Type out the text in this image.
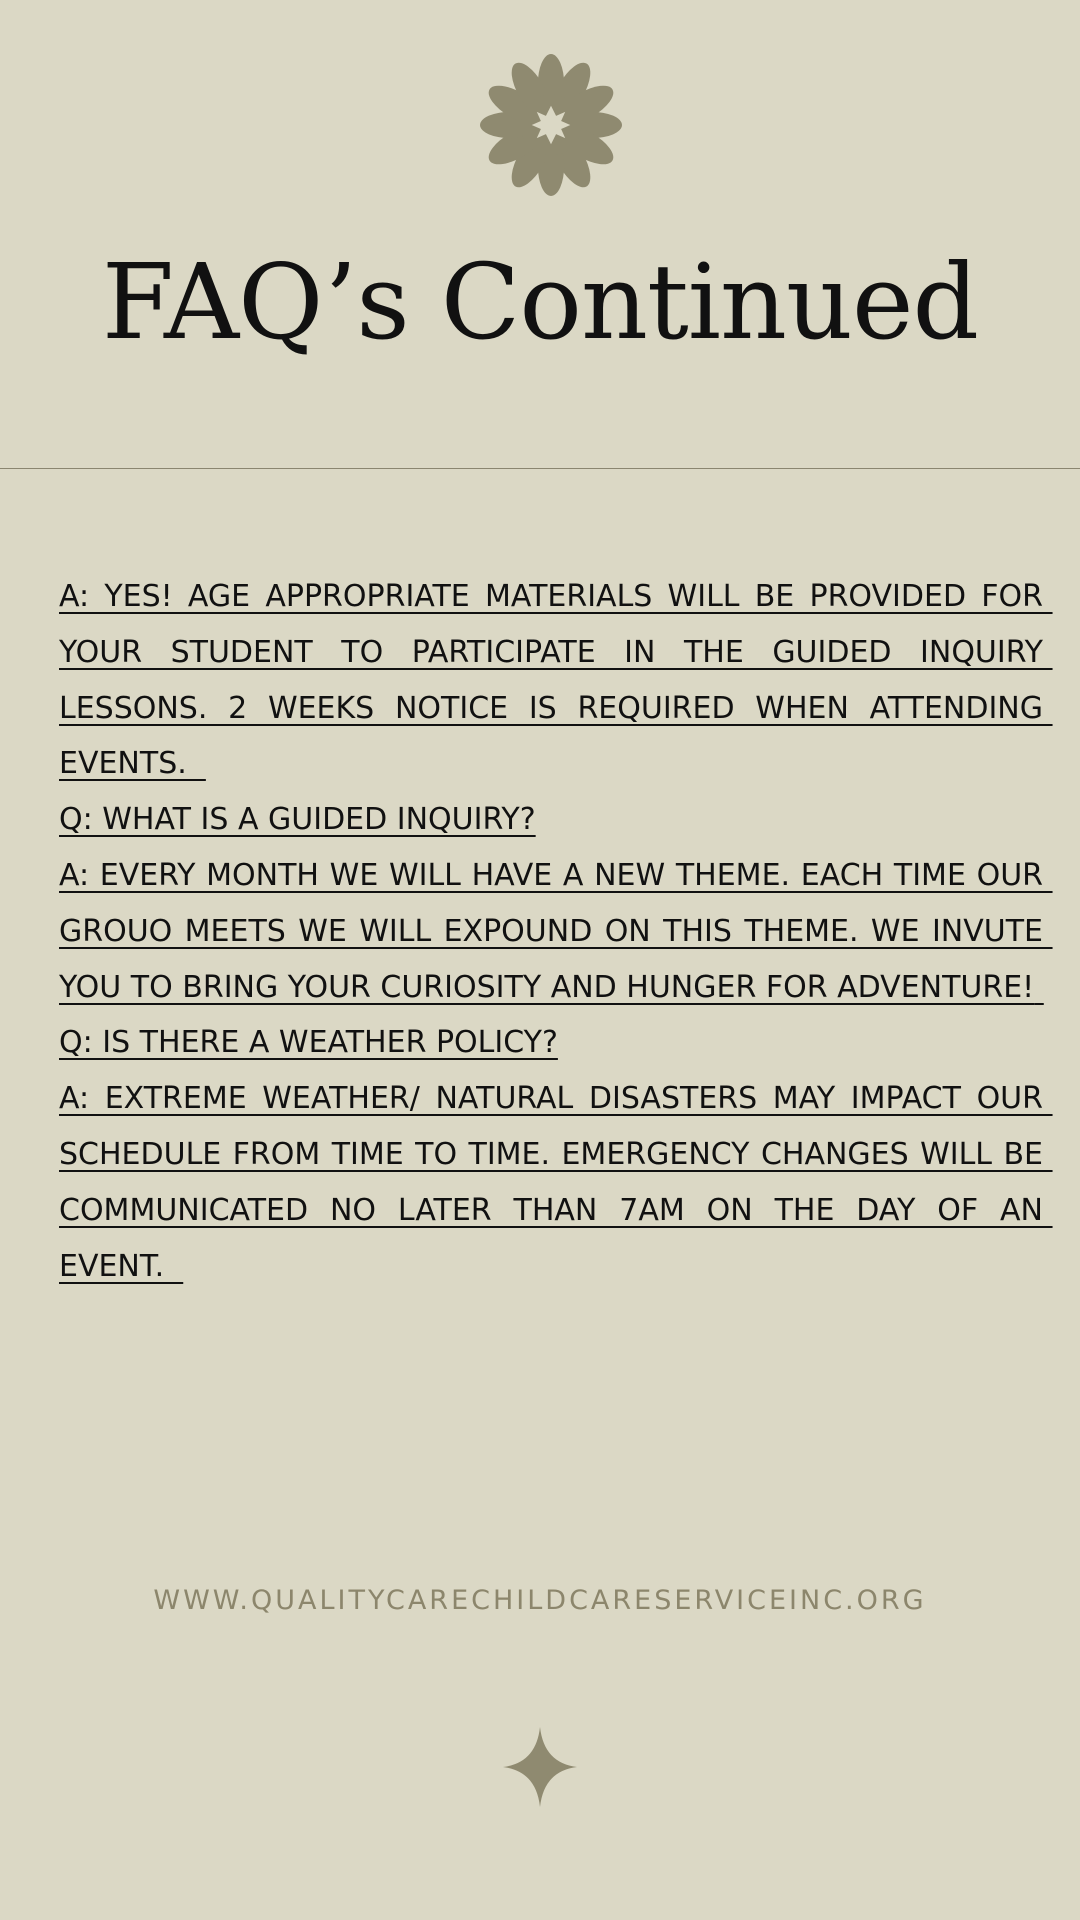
FAQ’s Continued

A: YES! AGE APPROPRIATE MATERIALS WILL BE PROVIDED FOR YOUR STUDENT TO PARTICIPATE IN THE GUIDED INQUIRY LESSONS. 2 WEEKS NOTICE IS REQUIRED WHEN ATTENDING EVENTS.

Q: WHAT IS A GUIDED INQUIRY?

A: EVERY MONTH WE WILL HAVE A NEW THEME. EACH TIME OUR GROUO MEETS WE WILL EXPOUND ON THIS THEME. WE INVUTE YOU TO BRING YOUR CURIOSITY AND HUNGER FOR ADVENTURE!

Q: IS THERE A WEATHER POLICY?

A: EXTREME WEATHER/ NATURAL DISASTERS MAY IMPACT OUR SCHEDULE FROM TIME TO TIME. EMERGENCY CHANGES WILL BE COMMUNICATED NO LATER THAN 7AM ON THE DAY OF AN EVENT.

WWW.QUALITYCARECHILDCARESERVICEINC.ORG
